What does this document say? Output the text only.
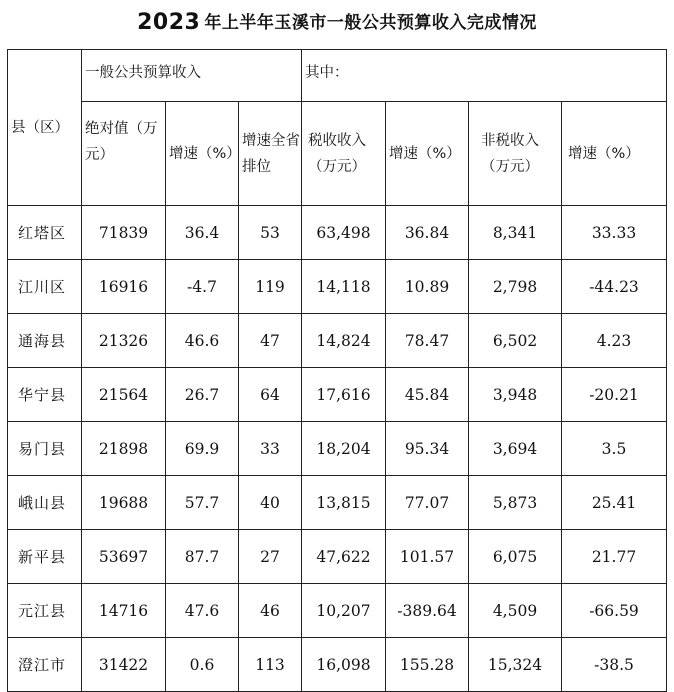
2023 年上半年玉溪市一般公共预算收入完成情况
县（区）	一般公共预算收入			其中：			
	绝对值（万元）	增速（%）	增速全省排位	税收收入（万元）	增速（%）	非税收入（万元）	增速（%）
红塔区	71839	36.4	53	63,498	36.84	8,341	33.33
江川区	16916	-4.7	119	14,118	10.89	2,798	-44.23
通海县	21326	46.6	47	14,824	78.47	6,502	4.23
华宁县	21564	26.7	64	17,616	45.84	3,948	-20.21
易门县	21898	69.9	33	18,204	95.34	3,694	3.5
峨山县	19688	57.7	40	13,815	77.07	5,873	25.41
新平县	53697	87.7	27	47,622	101.57	6,075	21.77
元江县	14716	47.6	46	10,207	-389.64	4,509	-66.59
澄江市	31422	0.6	113	16,098	155.28	15,324	-38.5
